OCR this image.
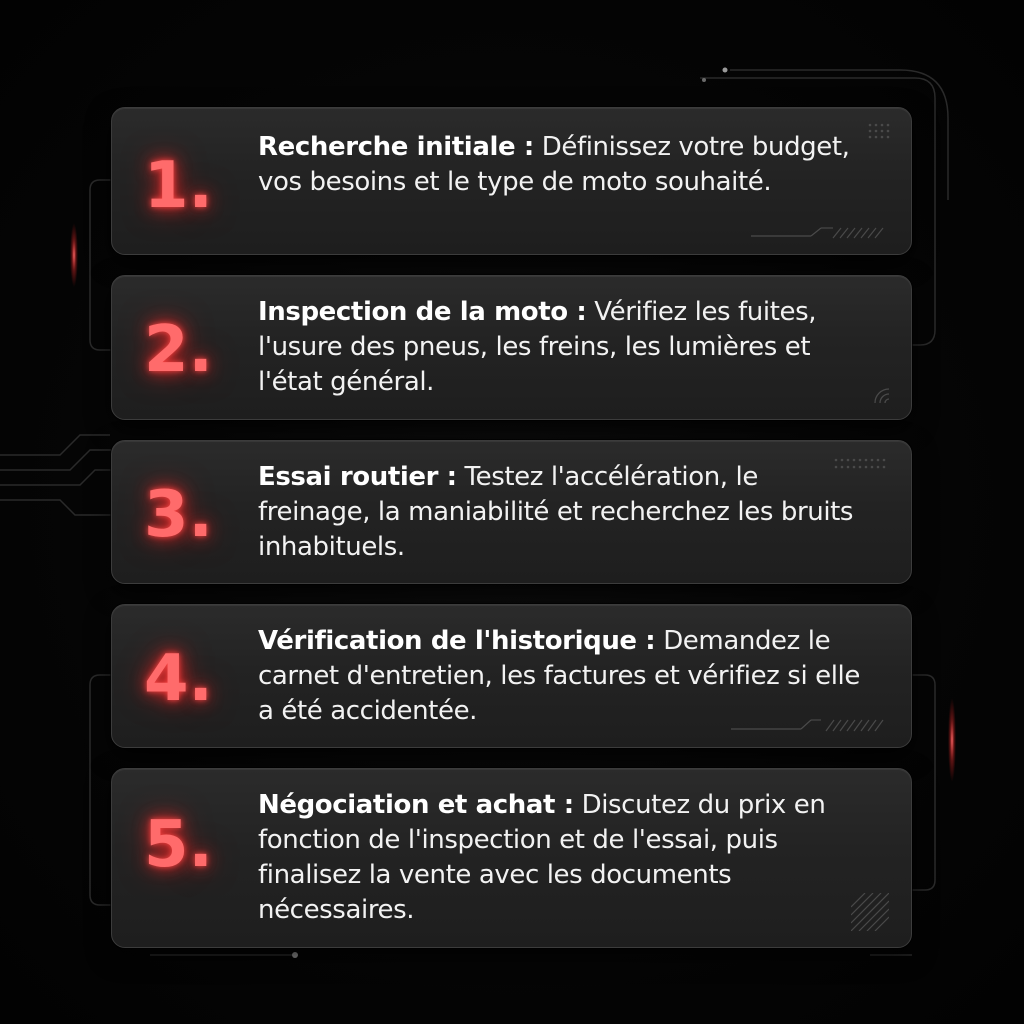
1.
Recherche initiale : Définissez votre budget, vos besoins et le type de moto souhaité.
2.
Inspection de la moto : Vérifiez les fuites, l'usure des pneus, les freins, les lumières et l'état général.
3.
Essai routier : Testez l'accélération, le freinage, la maniabilité et recherchez les bruits inhabituels.
4.
Vérification de l'historique : Demandez le carnet d'entretien, les factures et vérifiez si elle a été accidentée.
5.
Négociation et achat : Discutez du prix en fonction de l'inspection et de l'essai, puis finalisez la vente avec les documents nécessaires.
